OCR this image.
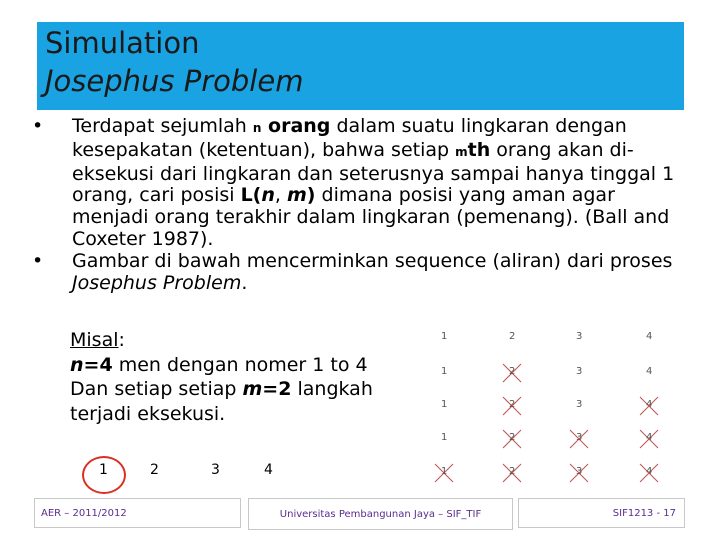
Simulation
Josephus Problem

• Terdapat sejumlah n orang dalam suatu lingkaran dengan kesepakatan (ketentuan), bahwa setiap mth orang akan di-eksekusi dari lingkaran dan seterusnya sampai hanya tinggal 1 orang, cari posisi L(n, m) dimana posisi yang aman agar menjadi orang terakhir dalam lingkaran (pemenang). (Ball and Coxeter 1987).

• Gambar di bawah mencerminkan sequence (aliran) dari proses Josephus Problem.

Misal:
n=4 men dengan nomer 1 to 4
Dan setiap setiap m=2 langkah
terjadi eksekusi.
1	2	3	4
1	2	3	4
1	2	3	4
1	2	3	4
1	2	3	4
1	2	3	4
AER – 2011/2012	Universitas Pembangunan Jaya – SIF_TIF	SIF1213 - 17
